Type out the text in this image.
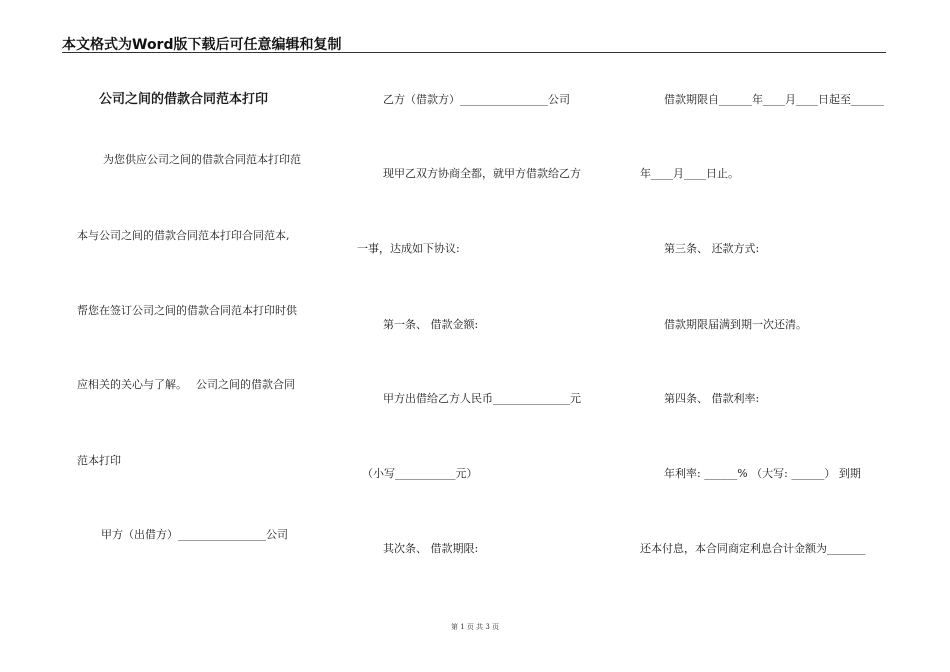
本文格式为Word版下载后可任意编辑和复制
公司之间的借款合同范本打印
为您供应公司之间的借款合同范本打印范
本与公司之间的借款合同范本打印合同范本,
帮您在签订公司之间的借款合同范本打印时供
应相关的关心与了解。　 公司之间的借款合同
范本打印
甲方（出借方）________________公司
乙方（借款方）________________公司
现甲乙双方协商全都，就甲方借款给乙方
一事，达成如下协议:
第一条、 借款金额:
甲方出借给乙方人民币______________元
（小写___________元）
其次条、 借款期限:
借款期限自______年____月____日起至______
年____月____日止。
第三条、 还款方式:
借款期限届满到期一次还清。
第四条、 借款利率:
年利率: ______% （大写: ______） 到期
还本付息，本合同商定利息合计金额为_______
第 1 页 共 3 页
